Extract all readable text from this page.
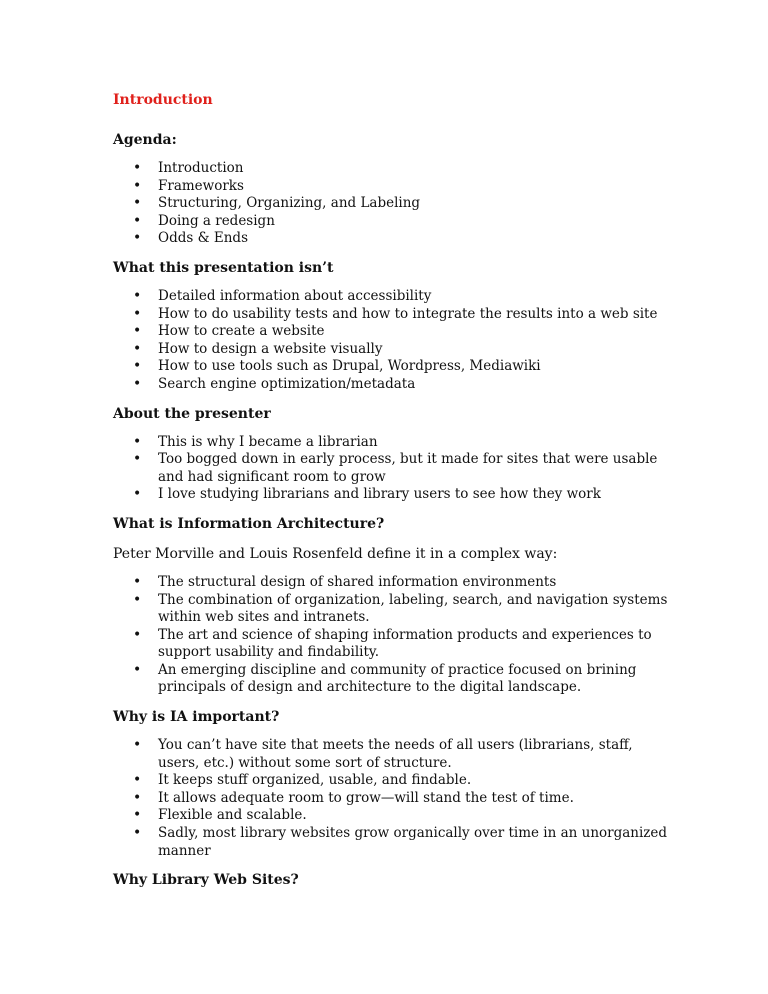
Introduction
Agenda:
• Introduction
• Frameworks
• Structuring, Organizing, and Labeling
• Doing a redesign
• Odds & Ends
What this presentation isn’t
• Detailed information about accessibility
• How to do usability tests and how to integrate the results into a web site
• How to create a website
• How to design a website visually
• How to use tools such as Drupal, Wordpress, Mediawiki
• Search engine optimization/metadata
About the presenter
• This is why I became a librarian
• Too bogged down in early process, but it made for sites that were usable and had significant room to grow
• I love studying librarians and library users to see how they work
What is Information Architecture?
Peter Morville and Louis Rosenfeld define it in a complex way:
• The structural design of shared information environments
• The combination of organization, labeling, search, and navigation systems within web sites and intranets.
• The art and science of shaping information products and experiences to support usability and findability.
• An emerging discipline and community of practice focused on brining principals of design and architecture to the digital landscape.
Why is IA important?
• You can’t have site that meets the needs of all users (librarians, staff, users, etc.) without some sort of structure.
• It keeps stuff organized, usable, and findable.
• It allows adequate room to grow—will stand the test of time.
• Flexible and scalable.
• Sadly, most library websites grow organically over time in an unorganized manner
Why Library Web Sites?
